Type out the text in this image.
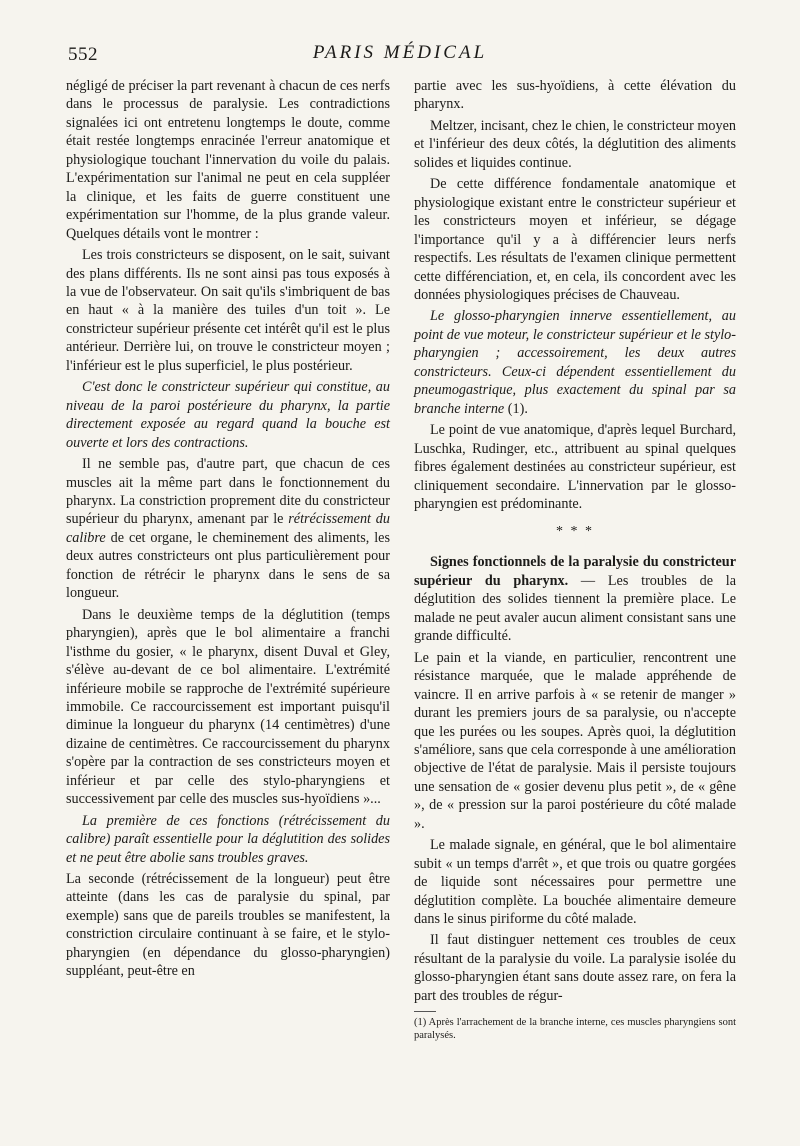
552	PARIS MÉDICAL

négligé de préciser la part revenant à chacun de ces nerfs dans le processus de paralysie. Les contradictions signalées ici ont entretenu longtemps le doute, comme était restée longtemps enracinée l'erreur anatomique et physiologique touchant l'innervation du voile du palais. L'expérimentation sur l'animal ne peut en cela suppléer la clinique, et les faits de guerre constituent une expérimentation sur l'homme, de la plus grande valeur. Quelques détails vont le montrer :

Les trois constricteurs se disposent, on le sait, suivant des plans différents. Ils ne sont ainsi pas tous exposés à la vue de l'observateur. On sait qu'ils s'imbriquent de bas en haut « à la manière des tuiles d'un toit ». Le constricteur supérieur présente cet intérêt qu'il est le plus antérieur. Derrière lui, on trouve le constricteur moyen ; l'inférieur est le plus superficiel, le plus postérieur.

C'est donc le constricteur supérieur qui constitue, au niveau de la paroi postérieure du pharynx, la partie directement exposée au regard quand la bouche est ouverte et lors des contractions.

Il ne semble pas, d'autre part, que chacun de ces muscles ait la même part dans le fonctionnement du pharynx. La constriction proprement dite du constricteur supérieur du pharynx, amenant par le rétrécissement du calibre de cet organe, le cheminement des aliments, les deux autres constricteurs ont plus particulièrement pour fonction de rétrécir le pharynx dans le sens de sa longueur.

Dans le deuxième temps de la déglutition (temps pharyngien), après que le bol alimentaire a franchi l'isthme du gosier, « le pharynx, disent Duval et Gley, s'élève au-devant de ce bol alimentaire. L'extrémité inférieure mobile se rapproche de l'extrémité supérieure immobile. Ce raccourcissement est important puisqu'il diminue la longueur du pharynx (14 centimètres) d'une dizaine de centimètres. Ce raccourcissement du pharynx s'opère par la contraction de ses constricteurs moyen et inférieur et par celle des stylo-pharyngiens et successivement par celle des muscles sus-hyoïdiens »...

La première de ces fonctions (rétrécissement du calibre) paraît essentielle pour la déglutition des solides et ne peut être abolie sans troubles graves.

La seconde (rétrécissement de la longueur) peut être atteinte (dans les cas de paralysie du spinal, par exemple) sans que de pareils troubles se manifestent, la constriction circulaire continuant à se faire, et le stylo-pharyngien (en dépendance du glosso-pharyngien) suppléant, peut-être en

partie avec les sus-hyoïdiens, à cette élévation du pharynx.

Meltzer, incisant, chez le chien, le constricteur moyen et l'inférieur des deux côtés, la déglutition des aliments solides et liquides continue.

De cette différence fondamentale anatomique et physiologique existant entre le constricteur supérieur et les constricteurs moyen et inférieur, se dégage l'importance qu'il y a à différencier leurs nerfs respectifs. Les résultats de l'examen clinique permettent cette différenciation, et, en cela, ils concordent avec les données physiologiques précises de Chauveau.

Le glosso-pharyngien innerve essentiellement, au point de vue moteur, le constricteur supérieur et le stylo-pharyngien ; accessoirement, les deux autres constricteurs. Ceux-ci dépendent essentiellement du pneumogastrique, plus exactement du spinal par sa branche interne (1).

Le point de vue anatomique, d'après lequel Burchard, Luschka, Rudinger, etc., attribuent au spinal quelques fibres également destinées au constricteur supérieur, est cliniquement secondaire. L'innervation par le glosso-pharyngien est prédominante.

* * *

Signes fonctionnels de la paralysie du constricteur supérieur du pharynx. — Les troubles de la déglutition des solides tiennent la première place. Le malade ne peut avaler aucun aliment consistant sans une grande difficulté.

Le pain et la viande, en particulier, rencontrent une résistance marquée, que le malade appréhende de vaincre. Il en arrive parfois à « se retenir de manger » durant les premiers jours de sa paralysie, ou n'accepte que les purées ou les soupes. Après quoi, la déglutition s'améliore, sans que cela corresponde à une amélioration objective de l'état de paralysie. Mais il persiste toujours une sensation de « gosier devenu plus petit », de « gêne », de « pression sur la paroi postérieure du côté malade ».

Le malade signale, en général, que le bol alimentaire subit « un temps d'arrêt », et que trois ou quatre gorgées de liquide sont nécessaires pour permettre une déglutition complète. La bouchée alimentaire demeure dans le sinus piriforme du côté malade.

Il faut distinguer nettement ces troubles de ceux résultant de la paralysie du voile. La paralysie isolée du glosso-pharyngien étant sans doute assez rare, on fera la part des troubles de régur-

(1) Après l'arrachement de la branche interne, ces muscles pharyngiens sont paralysés.
